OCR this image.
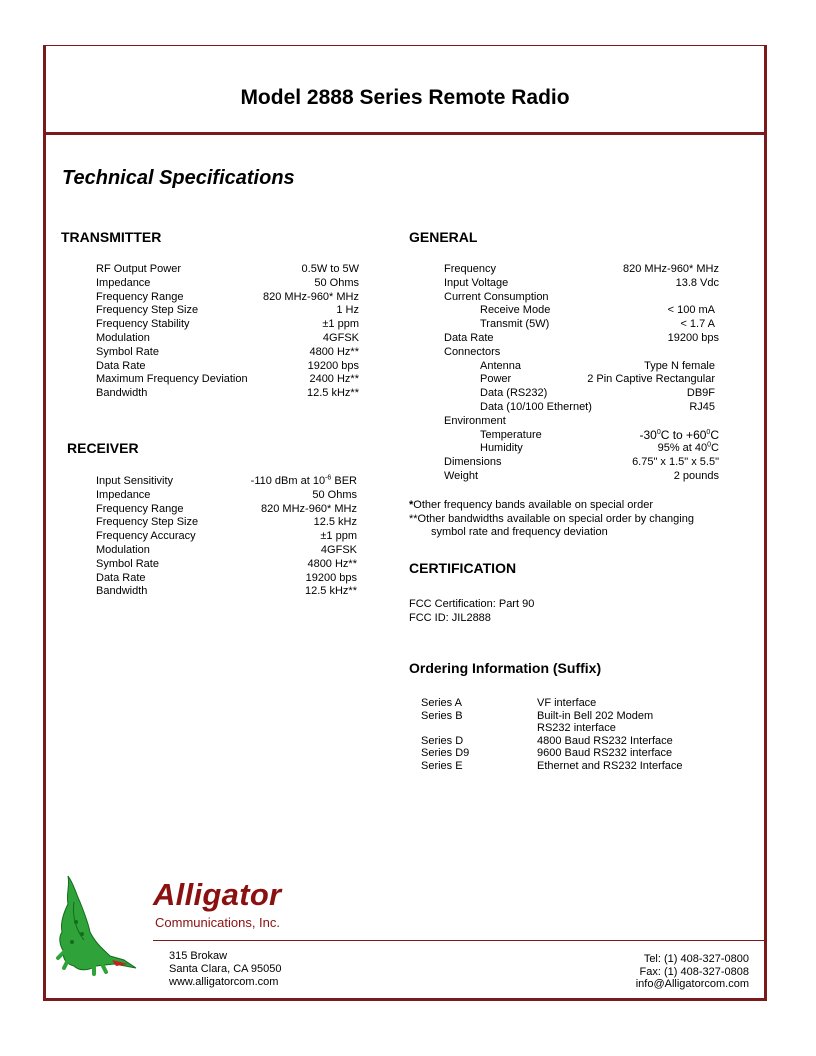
Model 2888 Series Remote Radio
Technical Specifications
TRANSMITTER
RF Output Power	0.5W to 5W
Impedance	50 Ohms
Frequency Range	820 MHz-960* MHz
Frequency Step Size	1 Hz
Frequency Stability	±1 ppm
Modulation	4GFSK
Symbol Rate	4800 Hz**
Data Rate	19200 bps
Maximum Frequency Deviation	2400 Hz**
Bandwidth	12.5 kHz**
RECEIVER
Input Sensitivity	-110 dBm at $10^{-6}$ BER
Impedance	50 Ohms
Frequency Range	820 MHz-960* MHz
Frequency Step Size	12.5 kHz
Frequency Accuracy	±1 ppm
Modulation	4GFSK
Symbol Rate	4800 Hz**
Data Rate	19200 bps
Bandwidth	12.5 kHz**
GENERAL
Frequency	820 MHz-960* MHz
Input Voltage	13.8 Vdc
Current Consumption
Receive Mode	< 100 mA
Transmit (5W)	< 1.7 A
Data Rate	19200 bps
Connectors
Antenna	Type N female
Power	2 Pin Captive Rectangular
Data (RS232)	DB9F
Data (10/100 Ethernet)	RJ45
Environment
Temperature	$-30^0C$ to $+60^0C$
Humidity	95% at $40^0C$
Dimensions	6.75" x 1.5" x 5.5"
Weight	2 pounds
*Other frequency bands available on special order
**Other bandwidths available on special order by changing
symbol rate and frequency deviation
CERTIFICATION
FCC Certification: Part 90
FCC ID: JIL2888
Ordering Information (Suffix)
Series A	VF interface
Series B	Built-in Bell 202 Modem
RS232 interface
Series D	4800 Baud RS232 Interface
Series D9	9600 Baud RS232 interface
Series E	Ethernet and RS232 Interface
Alligator
Communications, Inc.
315 Brokaw
Santa Clara, CA 95050
www.alligatorcom.com
Tel: (1) 408-327-0800
Fax: (1) 408-327-0808
info@Alligatorcom.com
